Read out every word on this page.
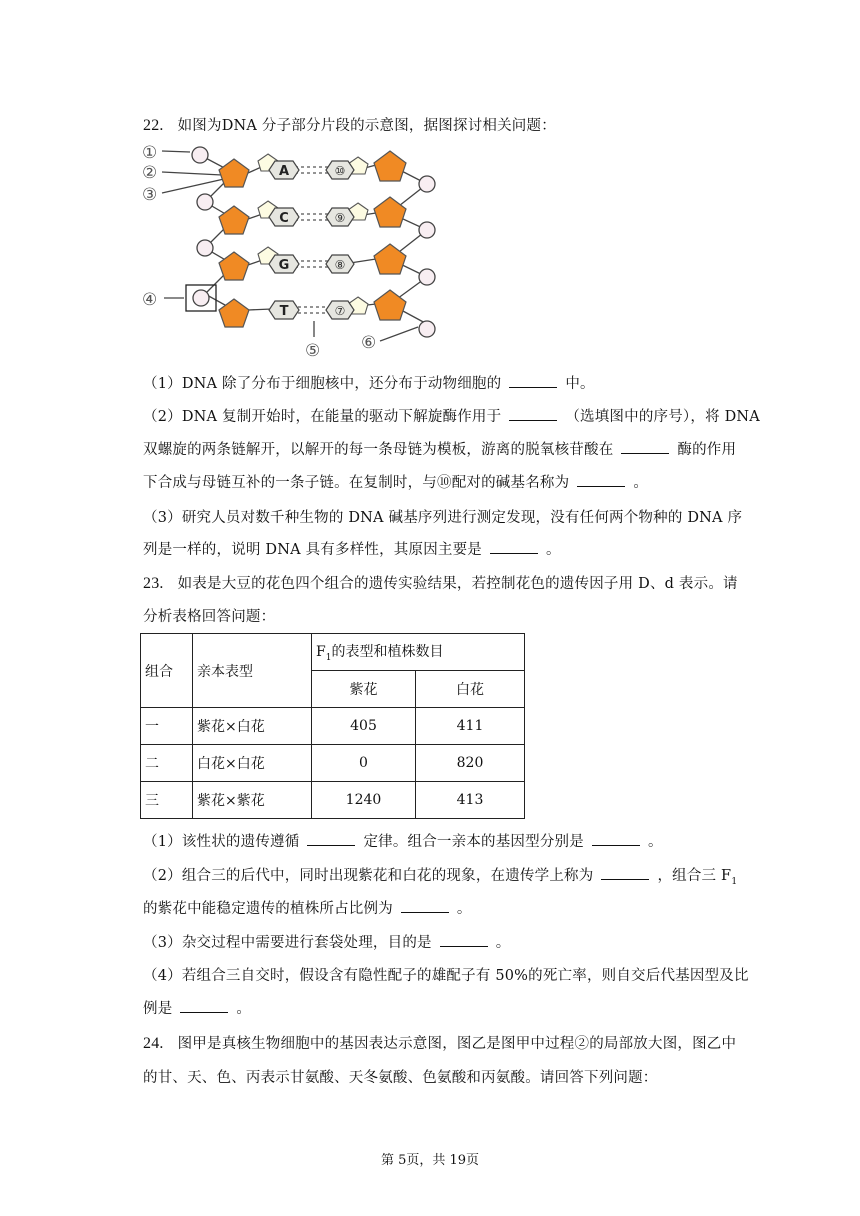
22. 如图为DNA 分子部分片段的示意图，据图探讨相关问题：
A
C
G
T
⑩
⑨
⑧
⑦
①
②
③
④
⑤ ⑥
（1）DNA 除了分布于细胞核中，还分布于动物细胞的	中。
（2）DNA 复制开始时，在能量的驱动下解旋酶作用于	（选填图中的序号），将 DNA
双螺旋的两条链解开，以解开的每一条母链为模板，游离的脱氧核苷酸在	酶的作用
下合成与母链互补的一条子链。在复制时，与⑩配对的碱基名称为	。
（3）研究人员对数千种生物的 DNA 碱基序列进行测定发现，没有任何两个物种的 DNA 序
列是一样的，说明 DNA 具有多样性，其原因主要是	。
23. 如表是大豆的花色四个组合的遗传实验结果，若控制花色的遗传因子用 D、d 表示。请
分析表格回答问题：
组合	亲本表型	$F_1$的表型和植株数目	
		紫花	白花
一	紫花×白花	405	411
二	白花×白花	0	820
三	紫花×紫花	1240	413
（1）该性状的遗传遵循	定律。组合一亲本的基因型分别是	。
（2）组合三的后代中，同时出现紫花和白花的现象，在遗传学上称为	，组合三 $F_1$
的紫花中能稳定遗传的植株所占比例为	。
（3）杂交过程中需要进行套袋处理，目的是	。
（4）若组合三自交时，假设含有隐性配子的雄配子有 50%的死亡率，则自交后代基因型及比
例是	。
24. 图甲是真核生物细胞中的基因表达示意图，图乙是图甲中过程②的局部放大图，图乙中
的甘、天、色、丙表示甘氨酸、天冬氨酸、色氨酸和丙氨酸。请回答下列问题：
第 5页，共 19页
